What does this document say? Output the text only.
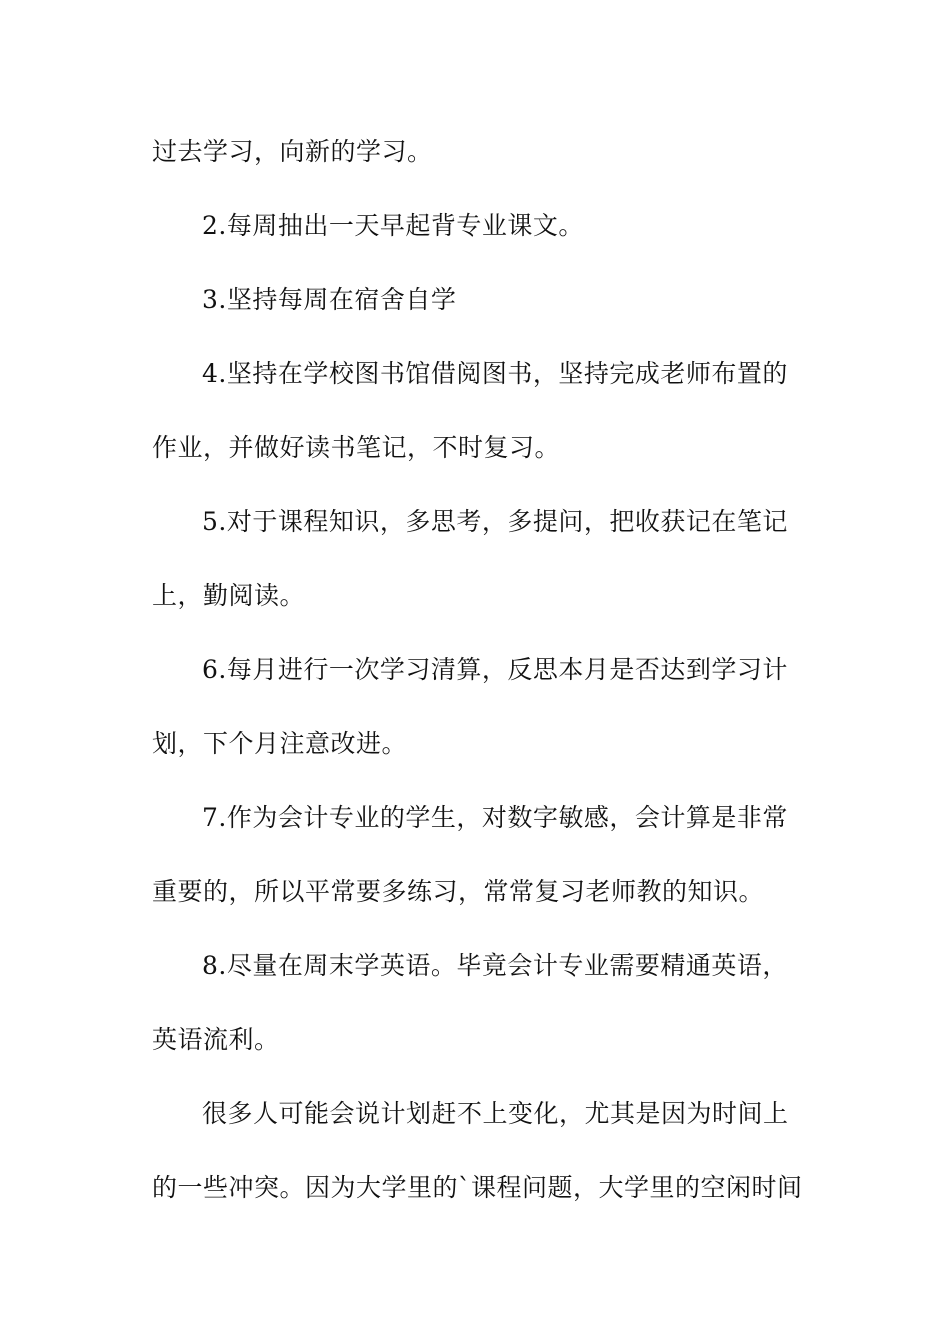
过去学习，向新的学习。
2.每周抽出一天早起背专业课文。
3.坚持每周在宿舍自学
4.坚持在学校图书馆借阅图书，坚持完成老师布置的
作业，并做好读书笔记，不时复习。
5.对于课程知识，多思考，多提问，把收获记在笔记
上，勤阅读。
6.每月进行一次学习清算，反思本月是否达到学习计
划，下个月注意改进。
7.作为会计专业的学生，对数字敏感，会计算是非常
重要的，所以平常要多练习，常常复习老师教的知识。
8.尽量在周末学英语。毕竟会计专业需要精通英语，
英语流利。
很多人可能会说计划赶不上变化，尤其是因为时间上
的一些冲突。因为大学里的`课程问题，大学里的空闲时间
